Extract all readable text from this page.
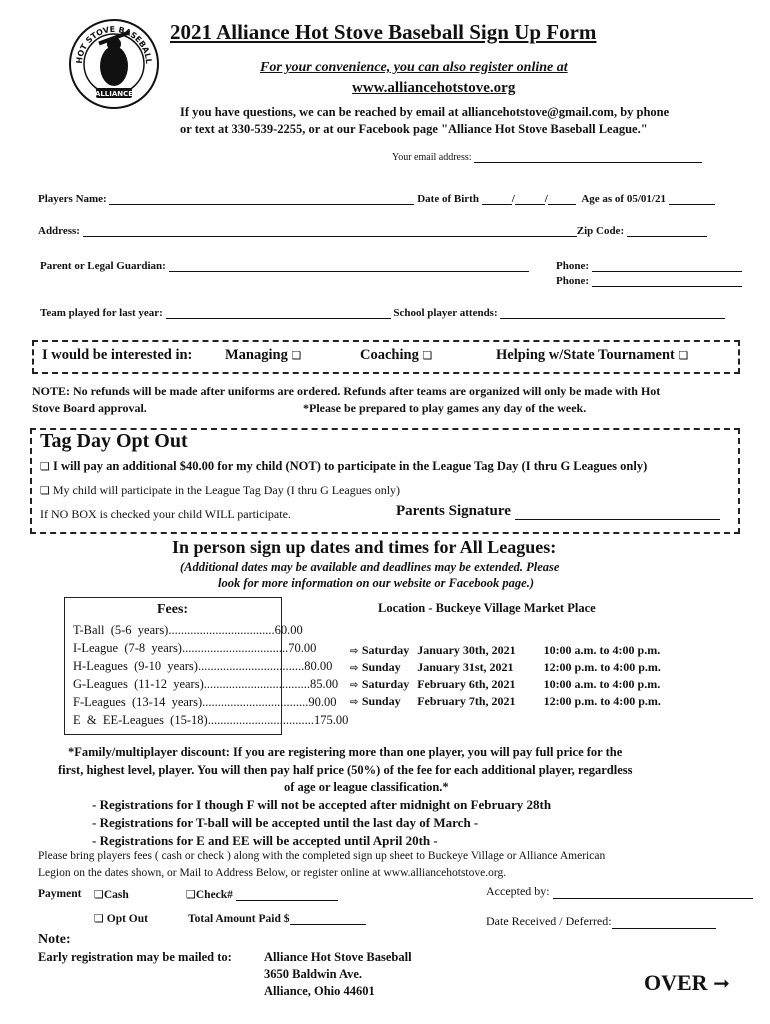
HOT STOVE BASEBALL
ALLIANCE
2021 Alliance Hot Stove Baseball Sign Up Form
For your convenience, you can also register online at
www.alliancehotstove.org
If you have questions, we can be reached by email at alliancehotstove@gmail.com, by phone
or text at 330-539-2255, or at our Facebook page "Alliance Hot Stove Baseball League."
Your email address:
Players Name:	Date of Birth	/	/	Age as of 05/01/21
Address:	Zip Code:
Parent or Legal Guardian:	Phone:
Phone:
Team played for last year:	School player attends:
I would be interested in: Managing ❏	Coaching ❏	Helping w/State Tournament ❏
NOTE: No refunds will be made after uniforms are ordered. Refunds after teams are organized will only be made with Hot
Stove Board approval.	*Please be prepared to play games any day of the week.
Tag Day Opt Out
❏ I will pay an additional $40.00 for my child (NOT) to participate in the League Tag Day (I thru G Leagues only)
❏ My child will participate in the League Tag Day (I thru G Leagues only)
If NO BOX is checked your child WILL participate.	Parents Signature
In person sign up dates and times for All Leagues:
(Additional dates may be available and deadlines may be extended. Please
look for more information on our website or Facebook page.)
Fees:
T-Ball  (5-6  years) .................................. 60.00
I-League  (7-8  years) .................................. 70.00
H-Leagues  (9-10  years) .................................. 80.00
G-Leagues  (11-12  years) .................................. 85.00
F-Leagues  (13-14  years) .................................. 90.00
E  &  EE-Leagues  (15-18) .................................. 175.00
Location - Buckeye Village Market Place
⇨ Saturday	January 30th, 2021	10:00 a.m. to 4:00 p.m.
⇨ Sunday	January 31st, 2021	12:00 p.m. to 4:00 p.m.
⇨ Saturday	February 6th, 2021	10:00 a.m. to 4:00 p.m.
⇨ Sunday	February 7th, 2021	12:00 p.m. to 4:00 p.m.
*Family/multiplayer discount: If you are registering more than one player, you will pay full price for the
first, highest level, player. You will then pay half price (50%) of the fee for each additional player, regardless
of age or league classification.*
- Registrations for I though F will not be accepted after midnight on February 28th
- Registrations for T-ball will be accepted until the last day of March -
- Registrations for E and EE will be accepted until April 20th -
Please bring players fees ( cash or check ) along with the completed sign up sheet to Buckeye Village or Alliance American
Legion on the dates shown, or Mail to Address Below, or register online at www.alliancehotstove.org.
Payment ❏Cash	❏Check#	Accepted by:
❏ Opt Out	Total Amount Paid $	Date Received / Deferred:
Note:
Early registration may be mailed to:	Alliance Hot Stove Baseball
3650 Baldwin Ave.
Alliance, Ohio 44601	OVER ➞
